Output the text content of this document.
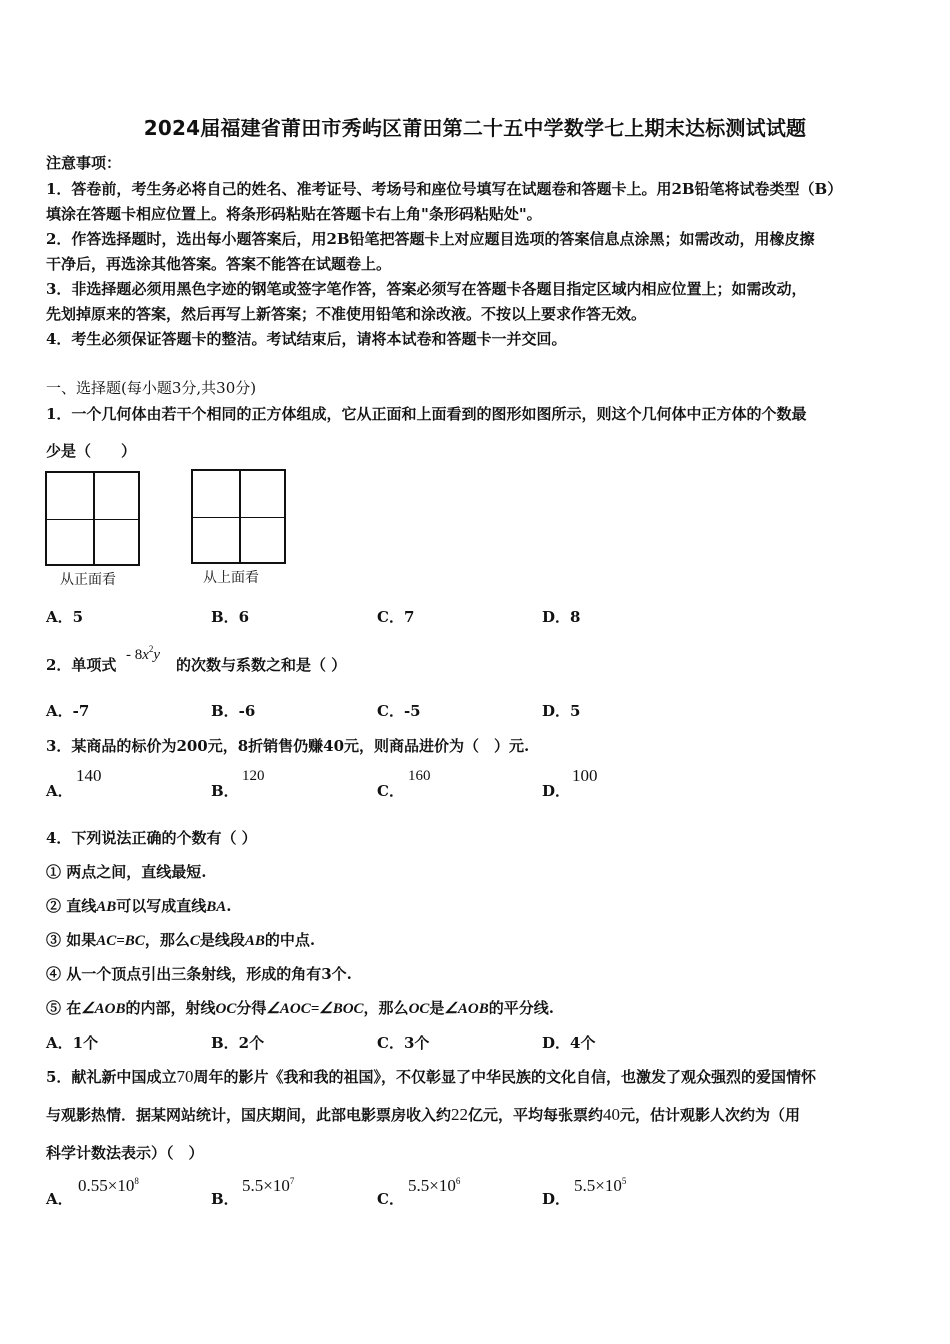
2024届福建省莆田市秀屿区莆田第二十五中学数学七上期末达标测试试题
注意事项：
1．答卷前，考生务必将自己的姓名、准考证号、考场号和座位号填写在试题卷和答题卡上。用2B铅笔将试卷类型（B）
填涂在答题卡相应位置上。将条形码粘贴在答题卡右上角"条形码粘贴处"。
2．作答选择题时，选出每小题答案后，用2B铅笔把答题卡上对应题目选项的答案信息点涂黑；如需改动，用橡皮擦
干净后，再选涂其他答案。答案不能答在试题卷上。
3．非选择题必须用黑色字迹的钢笔或签字笔作答，答案必须写在答题卡各题目指定区域内相应位置上；如需改动，
先划掉原来的答案，然后再写上新答案；不准使用铅笔和涂改液。不按以上要求作答无效。
4．考生必须保证答题卡的整洁。考试结束后，请将本试卷和答题卡一并交回。
一、选择题(每小题3分,共30分)
1．一个几何体由若干个相同的正方体组成，它从正面和上面看到的图形如图所示，则这个几何体中正方体的个数最
少是（　　）
从正面看	从上面看
A．5	B．6	C．7	D．8
2．单项式
- $8x^2y$
的次数与系数之和是（ ）
A．-7	B．-6	C．-5	D．5
3．某商品的标价为200元，8折销售仍赚40元，则商品进价为（　）元.
A．
140
B．
120
C．
160
D．
100
4．下列说法正确的个数有（ ）
① 两点之间，直线最短.
② 直线AB可以写成直线BA.
③ 如果AC=BC，那么C是线段AB的中点.
④ 从一个顶点引出三条射线，形成的角有3个.
⑤ 在∠AOB的内部，射线OC分得∠AOC=∠BOC，那么OC是∠AOB的平分线.
A．1个	B．2个	C．3个	D．4个
5．献礼新中国成立70周年的影片《我和我的祖国》，不仅彰显了中华民族的文化自信，也激发了观众强烈的爱国情怀
与观影热情．据某网站统计，国庆期间，此部电影票房收入约22亿元，平均每张票约40元，估计观影人次约为（用
科学计数法表示）（　）
A．
$0.55\times 10^8$
B．
$5.5\times 10^7$
C．
$5.5\times 10^6$
D．
$5.5\times 10^5$
